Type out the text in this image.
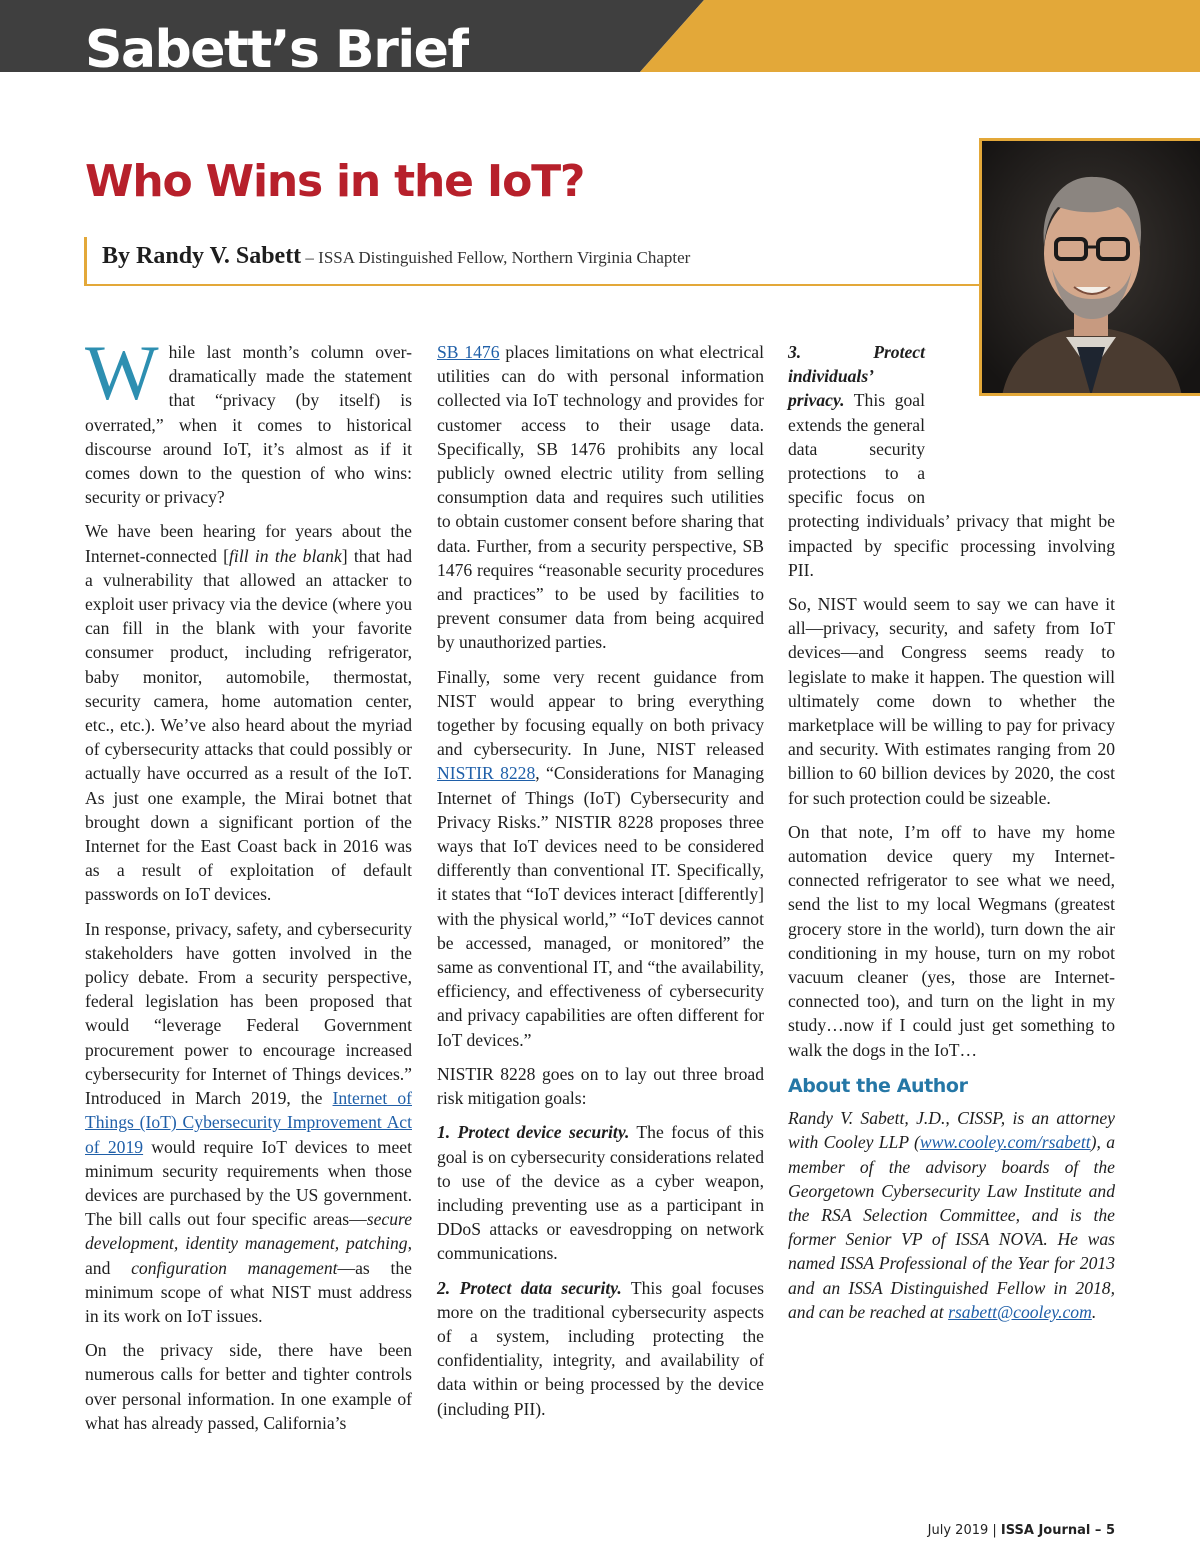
Sabett’s Brief
Who Wins in the IoT?
By Randy V. Sabett – ISSA Distinguished Fellow, Northern Virginia Chapter

While last month’s column over-dramatically made the statement that “privacy (by itself) is overrated,” when it comes to historical discourse around IoT, it’s almost as if it comes down to the question of who wins: security or privacy?

We have been hearing for years about the Internet-connected [fill in the blank] that had a vulnerability that allowed an attacker to exploit user privacy via the device (where you can fill in the blank with your favorite consumer product, including refrigerator, baby monitor, automobile, thermostat, security camera, home automation center, etc., etc.). We’ve also heard about the myriad of cybersecurity attacks that could possibly or actually have occurred as a result of the IoT. As just one example, the Mirai botnet that brought down a significant portion of the Internet for the East Coast back in 2016 was as a result of exploitation of default passwords on IoT devices.

In response, privacy, safety, and cybersecurity stakeholders have gotten involved in the policy debate. From a security perspective, federal legislation has been proposed that would “leverage Federal Government procurement power to encourage increased cybersecurity for Internet of Things devices.” Introduced in March 2019, the Internet of Things (IoT) Cybersecurity Improvement Act of 2019 would require IoT devices to meet minimum security requirements when those devices are purchased by the US government. The bill calls out four specific areas—secure development, identity management, patching, and configuration management—as the minimum scope of what NIST must address in its work on IoT issues.

On the privacy side, there have been numerous calls for better and tighter controls over personal information. In one example of what has already passed, California’s

SB 1476 places limitations on what electrical utilities can do with personal information collected via IoT technology and provides for customer access to their usage data. Specifically, SB 1476 prohibits any local publicly owned electric utility from selling consumption data and requires such utilities to obtain customer consent before sharing that data. Further, from a security perspective, SB 1476 requires “reasonable security procedures and practices” to be used by facilities to prevent consumer data from being acquired by unauthorized parties.

Finally, some very recent guidance from NIST would appear to bring everything together by focusing equally on both privacy and cybersecurity. In June, NIST released NISTIR 8228, “Considerations for Managing Internet of Things (IoT) Cybersecurity and Privacy Risks.” NISTIR 8228 proposes three ways that IoT devices need to be considered differently than conventional IT. Specifically, it states that “IoT devices interact [differently] with the physical world,” “IoT devices cannot be accessed, managed, or monitored” the same as conventional IT, and “the availability, efficiency, and effectiveness of cybersecurity and privacy capabilities are often different for IoT devices.”

NISTIR 8228 goes on to lay out three broad risk mitigation goals:

1. Protect device security. The focus of this goal is on cybersecurity considerations related to use of the device as a cyber weapon, including preventing use as a participant in DDoS attacks or eavesdropping on network communications.

2. Protect data security. This goal focuses more on the traditional cybersecurity aspects of a system, including protecting the confidentiality, integrity, and availability of data within or being processed by the device (including PII).

3. Protect individuals’ privacy. This goal extends the general data security protections to a specific focus on protecting individuals’ privacy that might be impacted by specific processing involving PII.

So, NIST would seem to say we can have it all—privacy, security, and safety from IoT devices—and Congress seems ready to legislate to make it happen. The question will ultimately come down to whether the marketplace will be willing to pay for privacy and security. With estimates ranging from 20 billion to 60 billion devices by 2020, the cost for such protection could be sizeable.

On that note, I’m off to have my home automation device query my Internet-connected refrigerator to see what we need, send the list to my local Wegmans (greatest grocery store in the world), turn down the air conditioning in my house, turn on my robot vacuum cleaner (yes, those are Internet-connected too), and turn on the light in my study…now if I could just get something to walk the dogs in the IoT…

About the Author

Randy V. Sabett, J.D., CISSP, is an attorney with Cooley LLP (www.cooley.com/rsabett), a member of the advisory boards of the Georgetown Cybersecurity Law Institute and the RSA Selection Committee, and is the former Senior VP of ISSA NOVA. He was named ISSA Professional of the Year for 2013 and an ISSA Distinguished Fellow in 2018, and can be reached at rsabett@cooley.com.

July 2019 | ISSA Journal – 5
